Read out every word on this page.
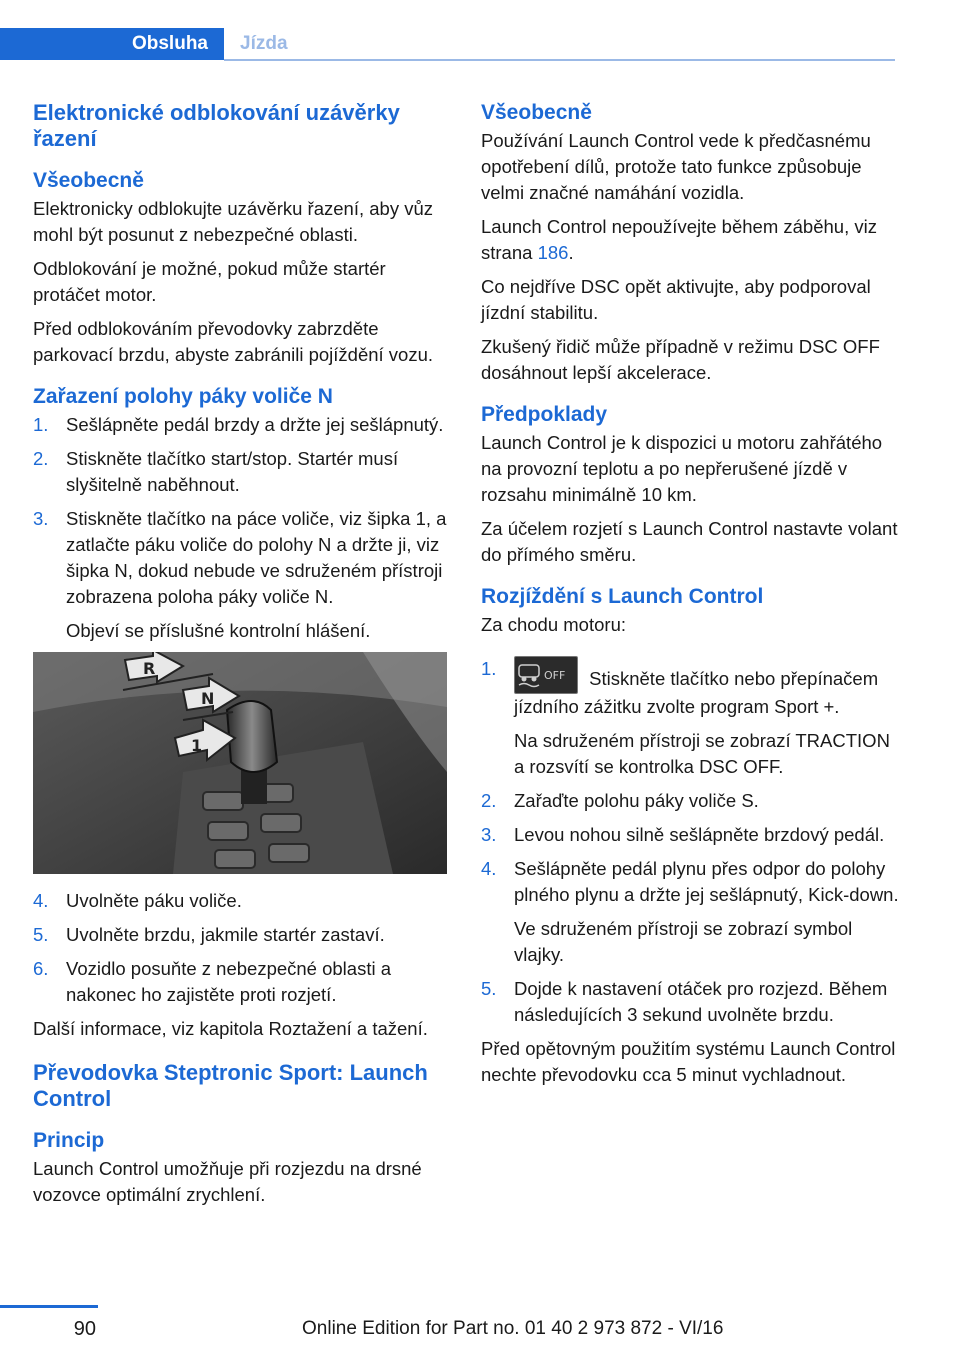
Obsluha Jízda
Elektronické odblokování uzávěrky řazení
Všeobecně

Elektronicky odblokujte uzávěrku řazení, aby vůz mohl být posunut z nebezpečné oblasti.

Odblokování je možné, pokud může startér protáčet motor.

Před odblokováním převodovky zabrzděte parkovací brzdu, abyste zabránili pojíždění vozu.

Zařazení polohy páky voliče N
1. Sešlápněte pedál brzdy a držte jej sešlápnutý.
2. Stiskněte tlačítko start/stop. Startér musí slyšitelně naběhnout.
3. Stiskněte tlačítko na páce voliče, viz šipka 1, a zatlačte páku voliče do polohy N a držte ji, viz šipka N, dokud nebude ve sdruženém přístroji zobrazena poloha páky voliče N.

Objeví se příslušné kontrolní hlášení.

R
N
1
4. Uvolněte páku voliče.
5. Uvolněte brzdu, jakmile startér zastaví.
6. Vozidlo posuňte z nebezpečné oblasti a nakonec ho zajistěte proti rozjetí.

Další informace, viz kapitola Roztažení a tažení.

Převodovka Steptronic Sport: Launch Control
Princip

Launch Control umožňuje při rozjezdu na drsné vozovce optimální zrychlení.

Všeobecně

Používání Launch Control vede k předčasnému opotřebení dílů, protože tato funkce způsobuje velmi značné namáhání vozidla.

Launch Control nepoužívejte během záběhu, viz strana 186.

Co nejdříve DSC opět aktivujte, aby podporoval jízdní stabilitu.

Zkušený řidič může případně v režimu DSC OFF dosáhnout lepší akcelerace.

Předpoklady

Launch Control je k dispozici u motoru zahřátého na provozní teplotu a po nepřerušené jízdě v rozsahu minimálně 10 km.

Za účelem rozjetí s Launch Control nastavte volant do přímého směru.

Rozjíždění s Launch Control

Za chodu motoru:

1.	OFF Stiskněte tlačítko nebo přepínačem jízdního zážitku zvolte program Sport +.

Na sdruženém přístroji se zobrazí TRACTION a rozsvítí se kontrolka DSC OFF.

2. Zařaďte polohu páky voliče S.
3. Levou nohou silně sešlápněte brzdový pedál.
4. Sešlápněte pedál plynu přes odpor do polohy plného plynu a držte jej sešlápnutý, Kick-down.

Ve sdruženém přístroji se zobrazí symbol vlajky.

5. Dojde k nastavení otáček pro rozjezd. Během následujících 3 sekund uvolněte brzdu.

Před opětovným použitím systému Launch Control nechte převodovku cca 5 minut vychladnout.

90	Online Edition for Part no. 01 40 2 973 872 - VI/16
